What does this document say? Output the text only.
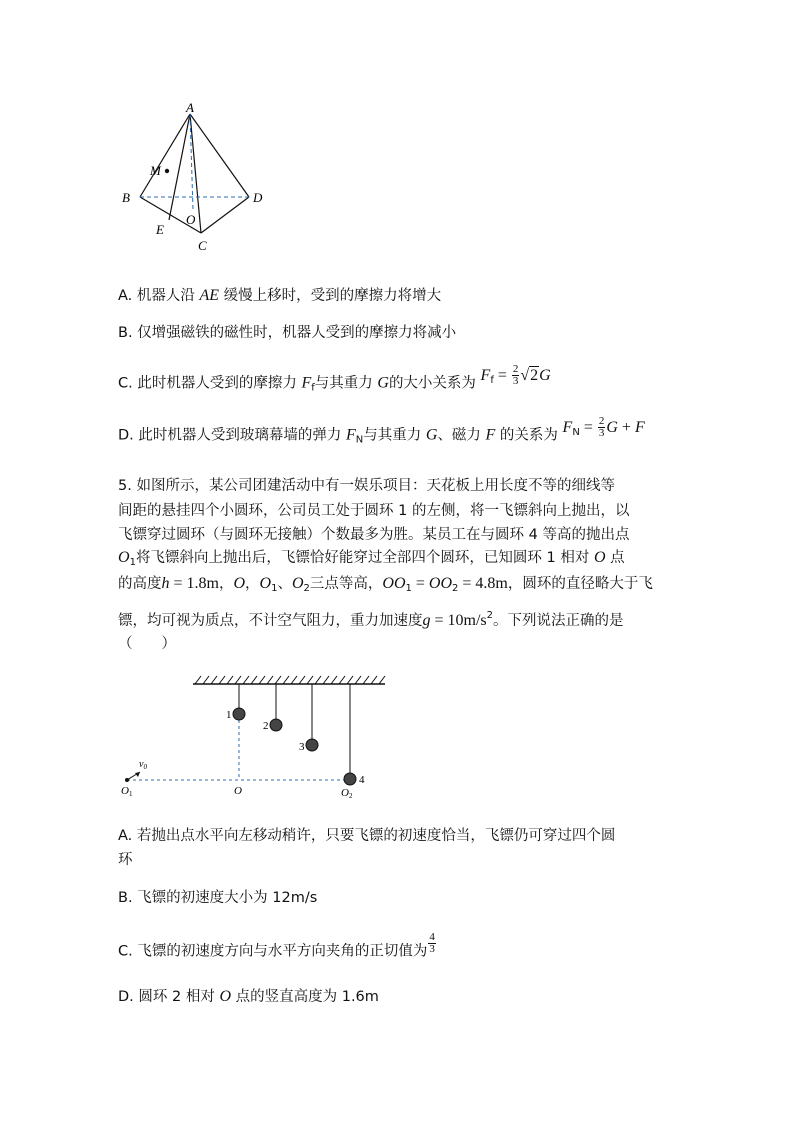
A
B
C
D
M
O
E
A. 机器人沿 AE 缓慢上移时，受到的摩擦力将增大
B. 仅增强磁铁的磁性时，机器人受到的摩擦力将减小
C. 此时机器人受到的摩擦力 $F_f$与其重力 G的大小关系为 $F_f = \frac{2}{3} √2G$
D. 此时机器人受到玻璃幕墙的弹力 $F_N$与其重力 G、磁力 F 的关系为 $F_N = \frac{2}{3}$ G + F
5. 如图所示，某公司团建活动中有一娱乐项目：天花板上用长度不等的细线等
间距的悬挂四个小圆环，公司员工处于圆环 1 的左侧，将一飞镖斜向上抛出，以
飞镖穿过圆环（与圆环无接触）个数最多为胜。某员工在与圆环 4 等高的抛出点
$O_1$将飞镖斜向上抛出后，飞镖恰好能穿过全部四个圆环，已知圆环 1 相对 O 点
的高度h = 1.8m，O，$O_1$、$O_2$三点等高，$OO_1 = OO_2 = 4.8m$，圆环的直径略大于飞
镖，均可视为质点，不计空气阻力，重力加速度$g = 10m/s^2$。下列说法正确的是
（　　）
1
2
3
4
$v_0$
O1	O	O2
A. 若抛出点水平向左移动稍许，只要飞镖的初速度恰当，飞镖仍可穿过四个圆
环
B. 飞镖的初速度大小为 12m/s
C. 飞镖的初速度方向与水平方向夹角的正切值为 $\frac{4}{3}$
D. 圆环 2 相对 O 点的竖直高度为 1.6m
